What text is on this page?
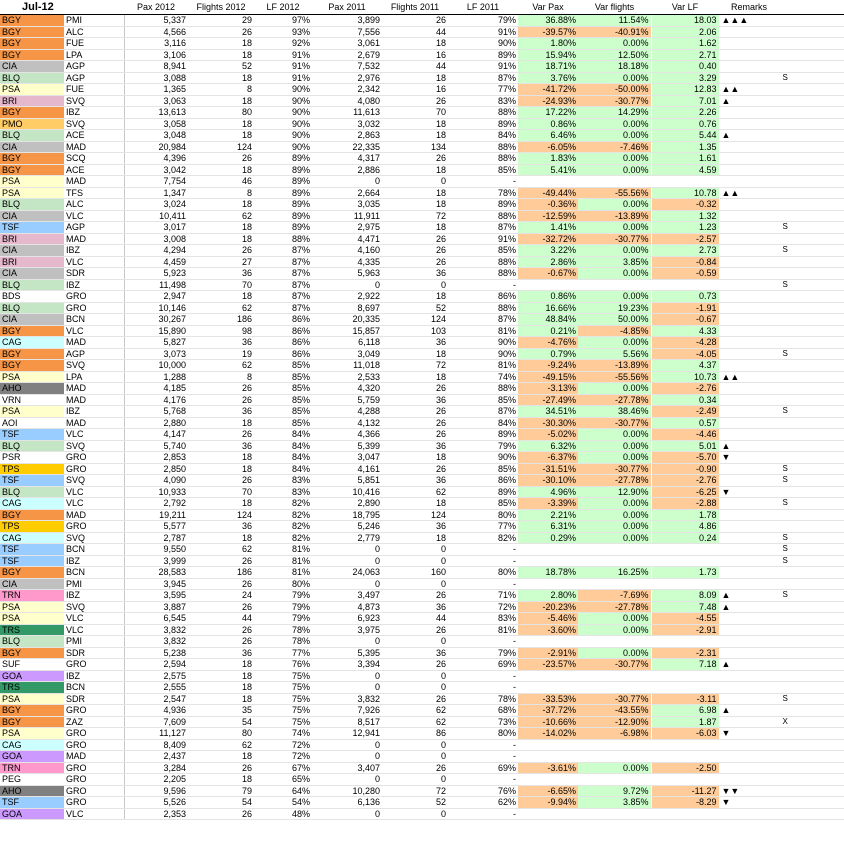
Jul-12		Pax 2012	Flights 2012	LF 2012	Pax 2011	Flights 2011	LF 2011	Var Pax	Var flights	Var LF	Remarks	
BGY	PMI	5,337	29	97%	3,899	26	79%	36.88%	11.54%	18.03	▲▲▲	
BGY	ALC	4,566	26	93%	7,556	44	91%	-39.57%	-40.91%	2.06		
BGY	FUE	3,116	18	92%	3,061	18	90%	1.80%	0.00%	1.62		
BGY	LPA	3,106	18	91%	2,679	16	89%	15.94%	12.50%	2.71		
CIA	AGP	8,941	52	91%	7,532	44	91%	18.71%	18.18%	0.40		
BLQ	AGP	3,088	18	91%	2,976	18	87%	3.76%	0.00%	3.29		S
PSA	FUE	1,365	8	90%	2,342	16	77%	-41.72%	-50.00%	12.83	▲▲	
BRI	SVQ	3,063	18	90%	4,080	26	83%	-24.93%	-30.77%	7.01	▲	
BGY	IBZ	13,613	80	90%	11,613	70	88%	17.22%	14.29%	2.26		
PMO	SVQ	3,058	18	90%	3,032	18	89%	0.86%	0.00%	0.76		
BLQ	ACE	3,048	18	90%	2,863	18	84%	6.46%	0.00%	5.44	▲	
CIA	MAD	20,984	124	90%	22,335	134	88%	-6.05%	-7.46%	1.35		
BGY	SCQ	4,396	26	89%	4,317	26	88%	1.83%	0.00%	1.61		
BGY	ACE	3,042	18	89%	2,886	18	85%	5.41%	0.00%	4.59		
PSA	MAD	7,754	46	89%	0	0	-					
PSA	TFS	1,347	8	89%	2,664	18	78%	-49.44%	-55.56%	10.78	▲▲	
BLQ	ALC	3,024	18	89%	3,035	18	89%	-0.36%	0.00%	-0.32		
CIA	VLC	10,411	62	89%	11,911	72	88%	-12.59%	-13.89%	1.32		
TSF	AGP	3,017	18	89%	2,975	18	87%	1.41%	0.00%	1.23		S
BRI	MAD	3,008	18	88%	4,471	26	91%	-32.72%	-30.77%	-2.57		
CIA	IBZ	4,294	26	87%	4,160	26	85%	3.22%	0.00%	2.73		S
BRI	VLC	4,459	27	87%	4,335	26	88%	2.86%	3.85%	-0.84		
CIA	SDR	5,923	36	87%	5,963	36	88%	-0.67%	0.00%	-0.59		
BLQ	IBZ	11,498	70	87%	0	0	-					S
BDS	GRO	2,947	18	87%	2,922	18	86%	0.86%	0.00%	0.73		
BLQ	GRO	10,146	62	87%	8,697	52	88%	16.66%	19.23%	-1.91		
CIA	BCN	30,267	186	86%	20,335	124	87%	48.84%	50.00%	-0.67		
BGY	VLC	15,890	98	86%	15,857	103	81%	0.21%	-4.85%	4.33		
CAG	MAD	5,827	36	86%	6,118	36	90%	-4.76%	0.00%	-4.28		
BGY	AGP	3,073	19	86%	3,049	18	90%	0.79%	5.56%	-4.05		S
BGY	SVQ	10,000	62	85%	11,018	72	81%	-9.24%	-13.89%	4.37		
PSA	LPA	1,288	8	85%	2,533	18	74%	-49.15%	-55.56%	10.73	▲▲	
AHO	MAD	4,185	26	85%	4,320	26	88%	-3.13%	0.00%	-2.76		
VRN	MAD	4,176	26	85%	5,759	36	85%	-27.49%	-27.78%	0.34		
PSA	IBZ	5,768	36	85%	4,288	26	87%	34.51%	38.46%	-2.49		S
AOI	MAD	2,880	18	85%	4,132	26	84%	-30.30%	-30.77%	0.57		
TSF	VLC	4,147	26	84%	4,366	26	89%	-5.02%	0.00%	-4.46		
BLQ	SVQ	5,740	36	84%	5,399	36	79%	6.32%	0.00%	5.01	▲	
PSR	GRO	2,853	18	84%	3,047	18	90%	-6.37%	0.00%	-5.70	▼	
TPS	GRO	2,850	18	84%	4,161	26	85%	-31.51%	-30.77%	-0.90		S
TSF	SVQ	4,090	26	83%	5,851	36	86%	-30.10%	-27.78%	-2.76		S
BLQ	VLC	10,933	70	83%	10,416	62	89%	4.96%	12.90%	-6.25	▼	
CAG	VLC	2,792	18	82%	2,890	18	85%	-3.39%	0.00%	-2.88		S
BGY	MAD	19,211	124	82%	18,795	124	80%	2.21%	0.00%	1.78		
TPS	GRO	5,577	36	82%	5,246	36	77%	6.31%	0.00%	4.86		
CAG	SVQ	2,787	18	82%	2,779	18	82%	0.29%	0.00%	0.24		S
TSF	BCN	9,550	62	81%	0	0	-					S
TSF	IBZ	3,999	26	81%	0	0	-					S
BGY	BCN	28,583	186	81%	24,063	160	80%	18.78%	16.25%	1.73		
CIA	PMI	3,945	26	80%	0	0	-					
TRN	IBZ	3,595	24	79%	3,497	26	71%	2.80%	-7.69%	8.09	▲	S
PSA	SVQ	3,887	26	79%	4,873	36	72%	-20.23%	-27.78%	7.48	▲	
PSA	VLC	6,545	44	79%	6,923	44	83%	-5.46%	0.00%	-4.55		
TRS	VLC	3,832	26	78%	3,975	26	81%	-3.60%	0.00%	-2.91		
BLQ	PMI	3,832	26	78%	0	0	-					
BGY	SDR	5,238	36	77%	5,395	36	79%	-2.91%	0.00%	-2.31		
SUF	GRO	2,594	18	76%	3,394	26	69%	-23.57%	-30.77%	7.18	▲	
GOA	IBZ	2,575	18	75%	0	0	-					
TRS	BCN	2,555	18	75%	0	0	-					
PSA	SDR	2,547	18	75%	3,832	26	78%	-33.53%	-30.77%	-3.11		S
BGY	GRO	4,936	35	75%	7,926	62	68%	-37.72%	-43.55%	6.98	▲	
BGY	ZAZ	7,609	54	75%	8,517	62	73%	-10.66%	-12.90%	1.87		X
PSA	GRO	11,127	80	74%	12,941	86	80%	-14.02%	-6.98%	-6.03	▼	
CAG	GRO	8,409	62	72%	0	0	-					
GOA	MAD	2,437	18	72%	0	0	-					
TRN	GRO	3,284	26	67%	3,407	26	69%	-3.61%	0.00%	-2.50		
PEG	GRO	2,205	18	65%	0	0	-					
AHO	GRO	9,596	79	64%	10,280	72	76%	-6.65%	9.72%	-11.27	▼▼	
TSF	GRO	5,526	54	54%	6,136	52	62%	-9.94%	3.85%	-8.29	▼	
GOA	VLC	2,353	26	48%	0	0	-					
